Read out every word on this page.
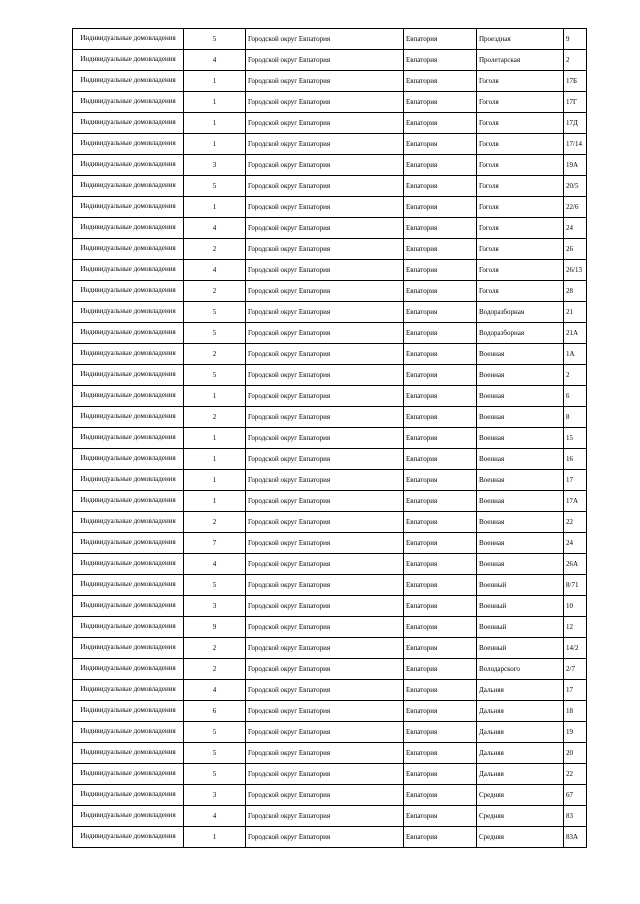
Индивидуальные домовладения	5	Городской округ Евпатория	Евпатория	Проездная	9
Индивидуальные домовладения	4	Городской округ Евпатория	Евпатория	Пролетарская	2
Индивидуальные домовладения	1	Городской округ Евпатория	Евпатория	Гоголя	17Б
Индивидуальные домовладения	1	Городской округ Евпатория	Евпатория	Гоголя	17Г
Индивидуальные домовладения	1	Городской округ Евпатория	Евпатория	Гоголя	17Д
Индивидуальные домовладения	1	Городской округ Евпатория	Евпатория	Гоголя	17/14
Индивидуальные домовладения	3	Городской округ Евпатория	Евпатория	Гоголя	19А
Индивидуальные домовладения	5	Городской округ Евпатория	Евпатория	Гоголя	20/5
Индивидуальные домовладения	1	Городской округ Евпатория	Евпатория	Гоголя	22/6
Индивидуальные домовладения	4	Городской округ Евпатория	Евпатория	Гоголя	24
Индивидуальные домовладения	2	Городской округ Евпатория	Евпатория	Гоголя	26
Индивидуальные домовладения	4	Городской округ Евпатория	Евпатория	Гоголя	26/13
Индивидуальные домовладения	2	Городской округ Евпатория	Евпатория	Гоголя	28
Индивидуальные домовладения	5	Городской округ Евпатория	Евпатория	Водоразборная	21
Индивидуальные домовладения	5	Городской округ Евпатория	Евпатория	Водоразборная	21А
Индивидуальные домовладения	2	Городской округ Евпатория	Евпатория	Военная	1А
Индивидуальные домовладения	5	Городской округ Евпатория	Евпатория	Военная	2
Индивидуальные домовладения	1	Городской округ Евпатория	Евпатория	Военная	6
Индивидуальные домовладения	2	Городской округ Евпатория	Евпатория	Военная	8
Индивидуальные домовладения	1	Городской округ Евпатория	Евпатория	Военная	15
Индивидуальные домовладения	1	Городской округ Евпатория	Евпатория	Военная	16
Индивидуальные домовладения	1	Городской округ Евпатория	Евпатория	Военная	17
Индивидуальные домовладения	1	Городской округ Евпатория	Евпатория	Военная	17А
Индивидуальные домовладения	2	Городской округ Евпатория	Евпатория	Военная	22
Индивидуальные домовладения	7	Городской округ Евпатория	Евпатория	Военная	24
Индивидуальные домовладения	4	Городской округ Евпатория	Евпатория	Военная	26А
Индивидуальные домовладения	5	Городской округ Евпатория	Евпатория	Военный	8/71
Индивидуальные домовладения	3	Городской округ Евпатория	Евпатория	Военный	10
Индивидуальные домовладения	9	Городской округ Евпатория	Евпатория	Военный	12
Индивидуальные домовладения	2	Городской округ Евпатория	Евпатория	Военный	14/2
Индивидуальные домовладения	2	Городской округ Евпатория	Евпатория	Володарского	2/7
Индивидуальные домовладения	4	Городской округ Евпатория	Евпатория	Дальняя	17
Индивидуальные домовладения	6	Городской округ Евпатория	Евпатория	Дальняя	18
Индивидуальные домовладения	5	Городской округ Евпатория	Евпатория	Дальняя	19
Индивидуальные домовладения	5	Городской округ Евпатория	Евпатория	Дальняя	20
Индивидуальные домовладения	5	Городской округ Евпатория	Евпатория	Дальняя	22
Индивидуальные домовладения	3	Городской округ Евпатория	Евпатория	Средняя	67
Индивидуальные домовладения	4	Городской округ Евпатория	Евпатория	Средняя	83
Индивидуальные домовладения	1	Городской округ Евпатория	Евпатория	Средняя	83А
